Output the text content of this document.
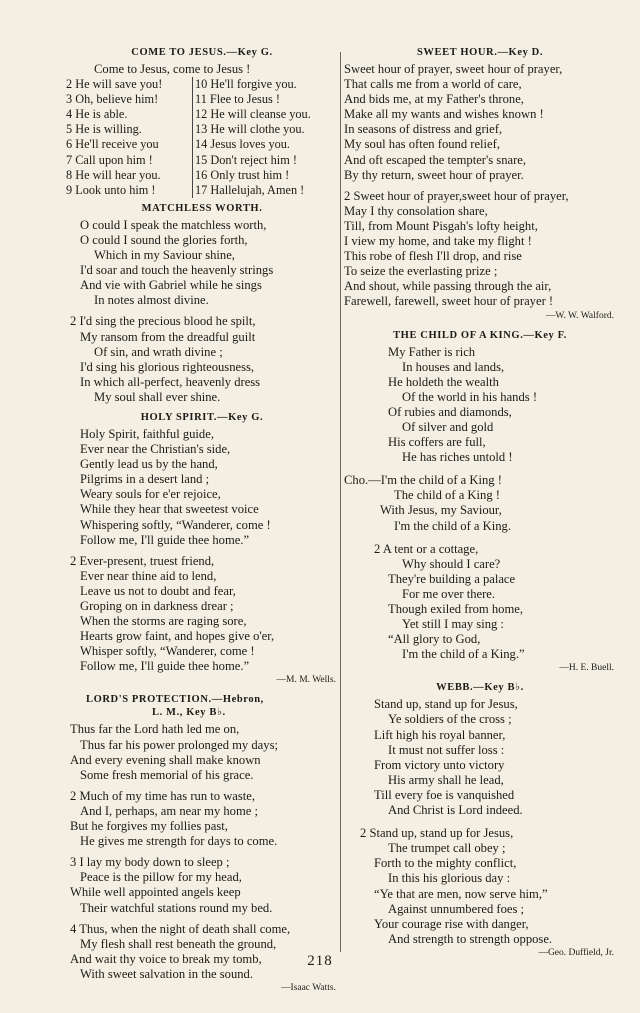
COME TO JESUS.—Key G.
Come to Jesus, come to Jesus !
2 He will save you!	10 He'll forgive you.
3 Oh, believe him!	11 Flee to Jesus !
4 He is able.	12 He will cleanse you.
5 He is willing.	13 He will clothe you.
6 He'll receive you	14 Jesus loves you.
7 Call upon him !	15 Don't reject him !
8 He will hear you.	16 Only trust him !
9 Look unto him !	17 Hallelujah, Amen !
MATCHLESS WORTH.
O could I speak the matchless worth,
O could I sound the glories forth,
Which in my Saviour shine,
I'd soar and touch the heavenly strings
And vie with Gabriel while he sings
In notes almost divine.
2 I'd sing the precious blood he spilt,
My ransom from the dreadful guilt
Of sin, and wrath divine ;
I'd sing his glorious righteousness,
In which all-perfect, heavenly dress
My soul shall ever shine.
HOLY SPIRIT.—Key G.
Holy Spirit, faithful guide,
Ever near the Christian's side,
Gently lead us by the hand,
Pilgrims in a desert land ;
Weary souls for e'er rejoice,
While they hear that sweetest voice
Whispering softly, “Wanderer, come !
Follow me, I'll guide thee home.”
2 Ever-present, truest friend,
Ever near thine aid to lend,
Leave us not to doubt and fear,
Groping on in darkness drear ;
When the storms are raging sore,
Hearts grow faint, and hopes give o'er,
Whisper softly, “Wanderer, come !
Follow me, I'll guide thee home.”
—M. M. Wells.
LORD'S PROTECTION.—Hebron,
L. M., Key B♭.
Thus far the Lord hath led me on,
Thus far his power prolonged my days;
And every evening shall make known
Some fresh memorial of his grace.
2 Much of my time has run to waste,
And I, perhaps, am near my home ;
But he forgives my follies past,
He gives me strength for days to come.
3 I lay my body down to sleep ;
Peace is the pillow for my head,
While well appointed angels keep
Their watchful stations round my bed.
4 Thus, when the night of death shall come,
My flesh shall rest beneath the ground,
And wait thy voice to break my tomb,
With sweet salvation in the sound.
—Isaac Watts.
SWEET HOUR.—Key D.
Sweet hour of prayer, sweet hour of prayer,
That calls me from a world of care,
And bids me, at my Father's throne,
Make all my wants and wishes known !
In seasons of distress and grief,
My soul has often found relief,
And oft escaped the tempter's snare,
By thy return, sweet hour of prayer.
2 Sweet hour of prayer,sweet hour of prayer,
May I thy consolation share,
Till, from Mount Pisgah's lofty height,
I view my home, and take my flight !
This robe of flesh I'll drop, and rise
To seize the everlasting prize ;
And shout, while passing through the air,
Farewell, farewell, sweet hour of prayer !
—W. W. Walford.
THE CHILD OF A KING.—Key F.
My Father is rich
In houses and lands,
He holdeth the wealth
Of the world in his hands !
Of rubies and diamonds,
Of silver and gold
His coffers are full,
He has riches untold !
Cho.— I'm the child of a King !
The child of a King !
With Jesus, my Saviour,
I'm the child of a King.
2 A tent or a cottage,
Why should I care?
They're building a palace
For me over there.
Though exiled from home,
Yet still I may sing :
“All glory to God,
I'm the child of a King.”
—H. E. Buell.
WEBB.—Key B♭.
Stand up, stand up for Jesus,
Ye soldiers of the cross ;
Lift high his royal banner,
It must not suffer loss :
From victory unto victory
His army shall he lead,
Till every foe is vanquished
And Christ is Lord indeed.
2 Stand up, stand up for Jesus,
The trumpet call obey ;
Forth to the mighty conflict,
In this his glorious day :
“Ye that are men, now serve him,”
Against unnumbered foes ;
Your courage rise with danger,
And strength to strength oppose.
—Geo. Duffield, Jr.
218
